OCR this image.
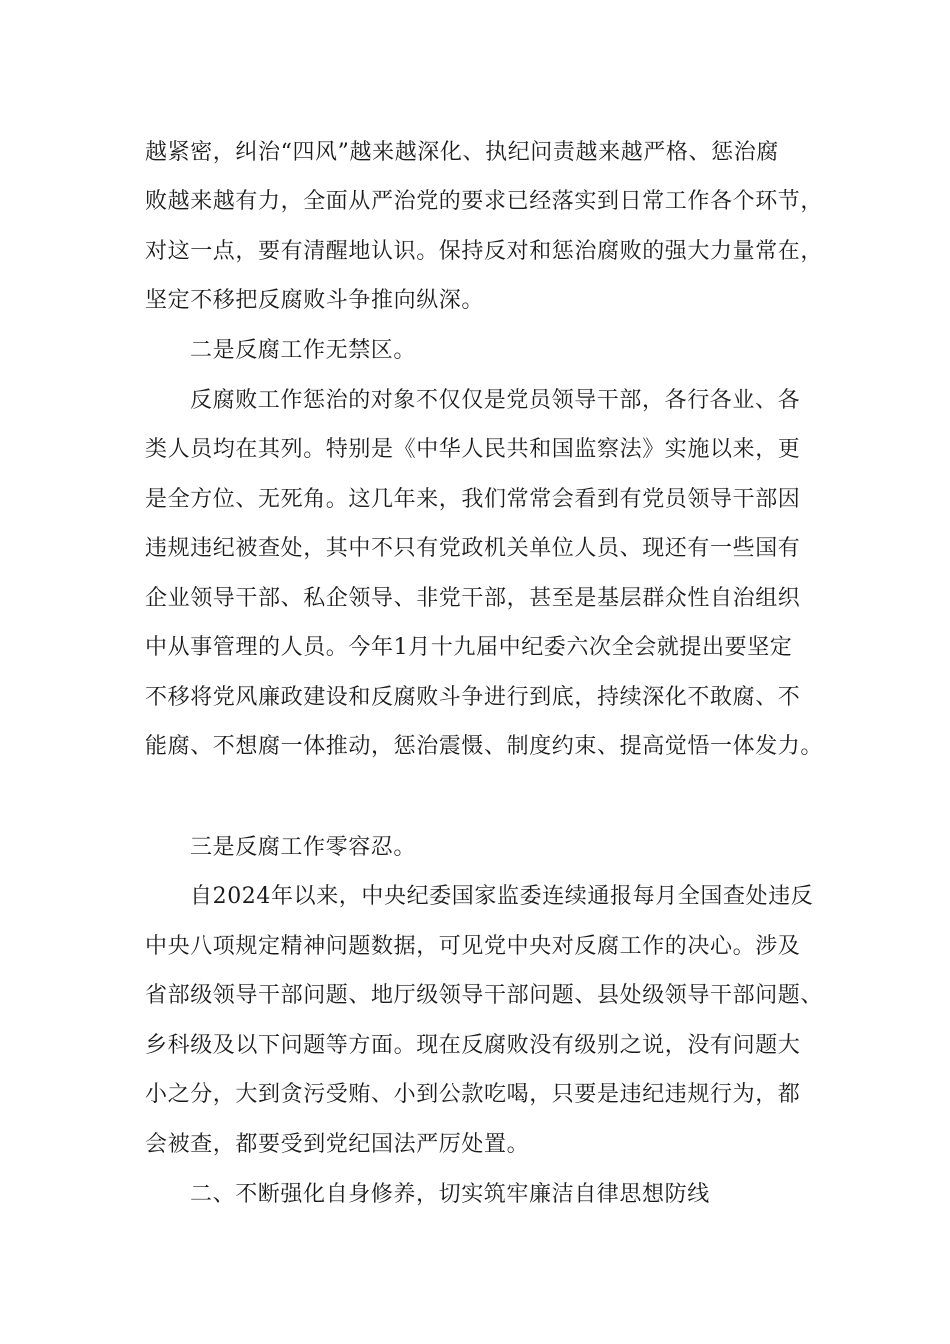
越紧密，纠治“四风”越来越深化、执纪问责越来越严格、惩治腐
败越来越有力，全面从严治党的要求已经落实到日常工作各个环节，
对这一点，要有清醒地认识。保持反对和惩治腐败的强大力量常在，
坚定不移把反腐败斗争推向纵深。
二是反腐工作无禁区。
反腐败工作惩治的对象不仅仅是党员领导干部，各行各业、各
类人员均在其列。特别是《中华人民共和国监察法》实施以来，更
是全方位、无死角。这几年来，我们常常会看到有党员领导干部因
违规违纪被查处，其中不只有党政机关单位人员、现还有一些国有
企业领导干部、私企领导、非党干部，甚至是基层群众性自治组织
中从事管理的人员。今年1月十九届中纪委六次全会就提出要坚定
不移将党风廉政建设和反腐败斗争进行到底，持续深化不敢腐、不
能腐、不想腐一体推动，惩治震慑、制度约束、提高觉悟一体发力。
三是反腐工作零容忍。
自2024年以来，中央纪委国家监委连续通报每月全国查处违反
中央八项规定精神问题数据，可见党中央对反腐工作的决心。涉及
省部级领导干部问题、地厅级领导干部问题、县处级领导干部问题、
乡科级及以下问题等方面。现在反腐败没有级别之说，没有问题大
小之分，大到贪污受贿、小到公款吃喝，只要是违纪违规行为，都
会被查，都要受到党纪国法严厉处置。
二、不断强化自身修养，切实筑牢廉洁自律思想防线
